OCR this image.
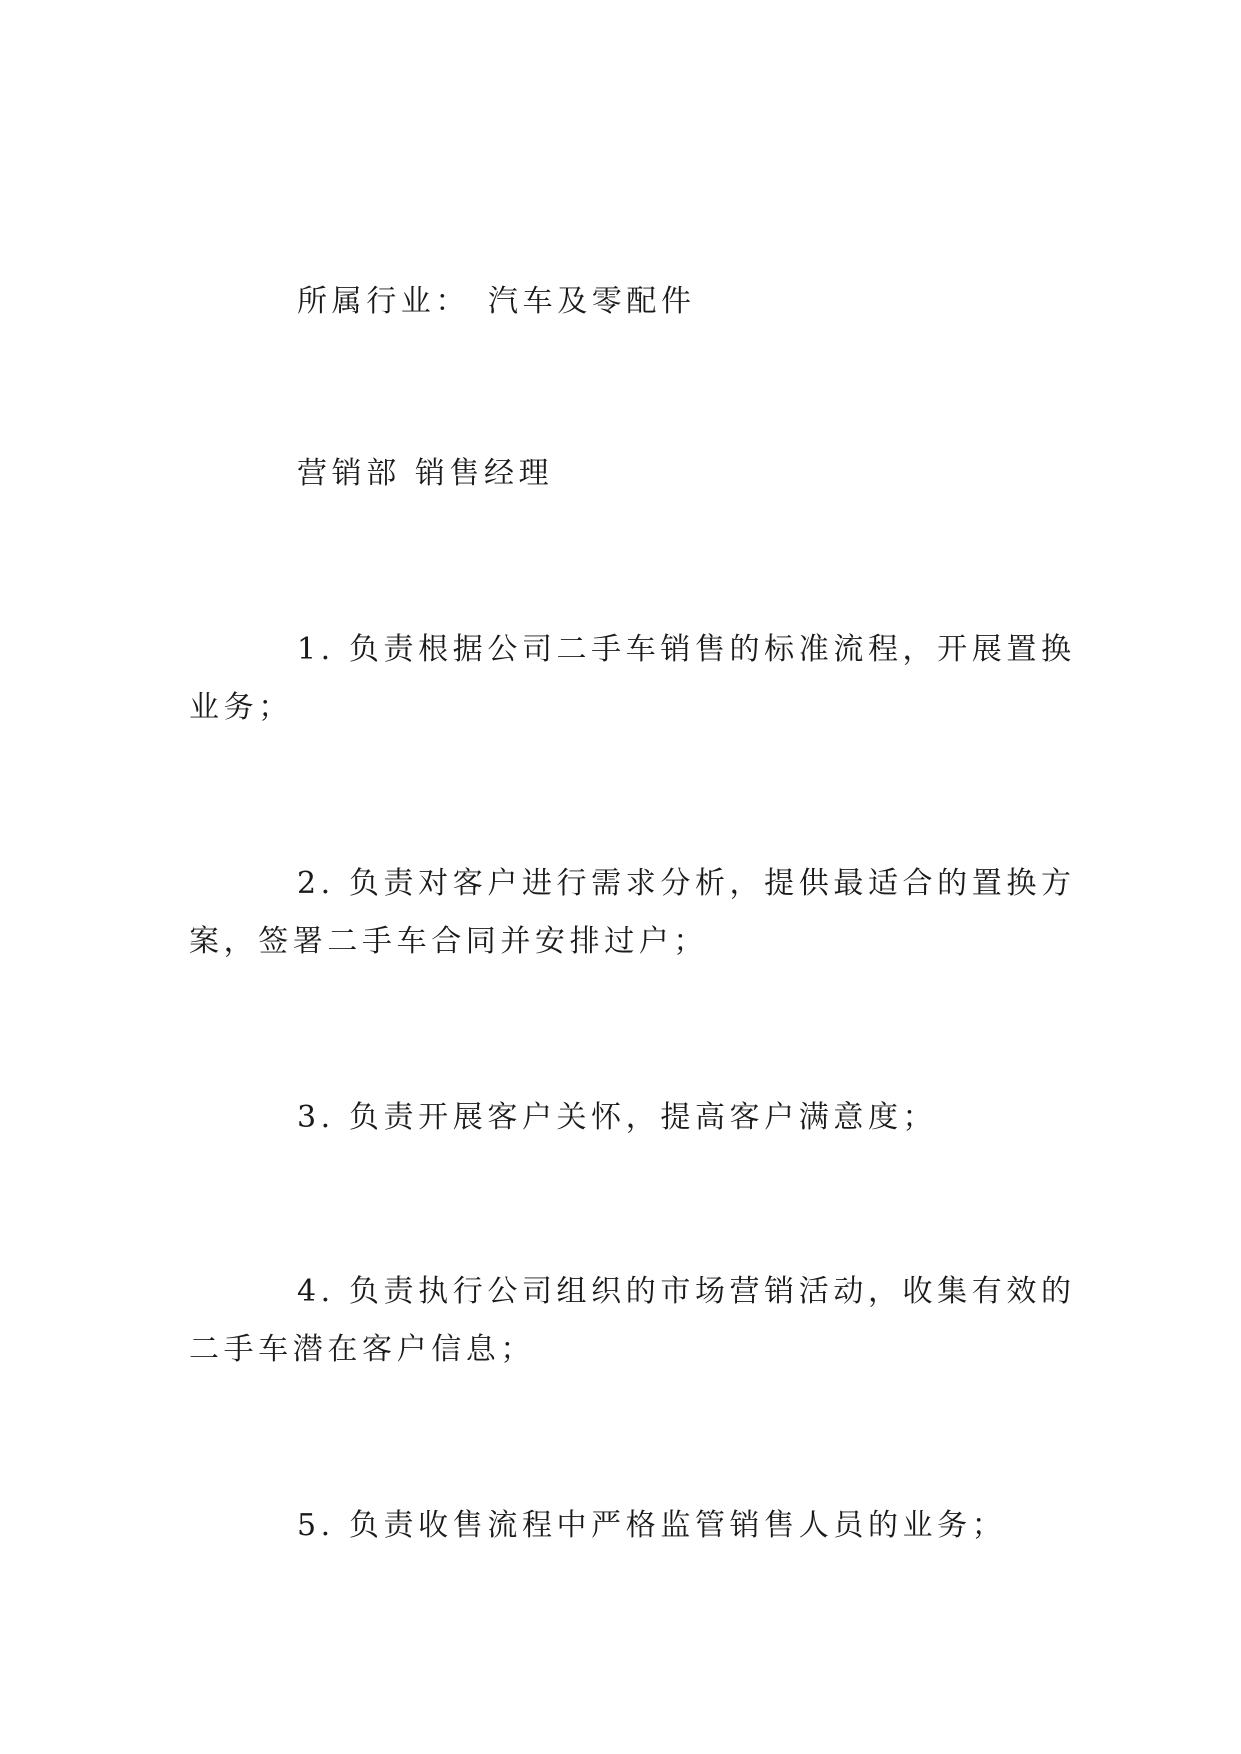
所属行业： 汽车及零配件
营销部 销售经理
1. 负责根据公司二手车销售的标准流程，开展置换
业务；
2. 负责对客户进行需求分析，提供最适合的置换方
案，签署二手车合同并安排过户；
3. 负责开展客户关怀，提高客户满意度；
4. 负责执行公司组织的市场营销活动，收集有效的
二手车潜在客户信息；
5. 负责收售流程中严格监管销售人员的业务；
